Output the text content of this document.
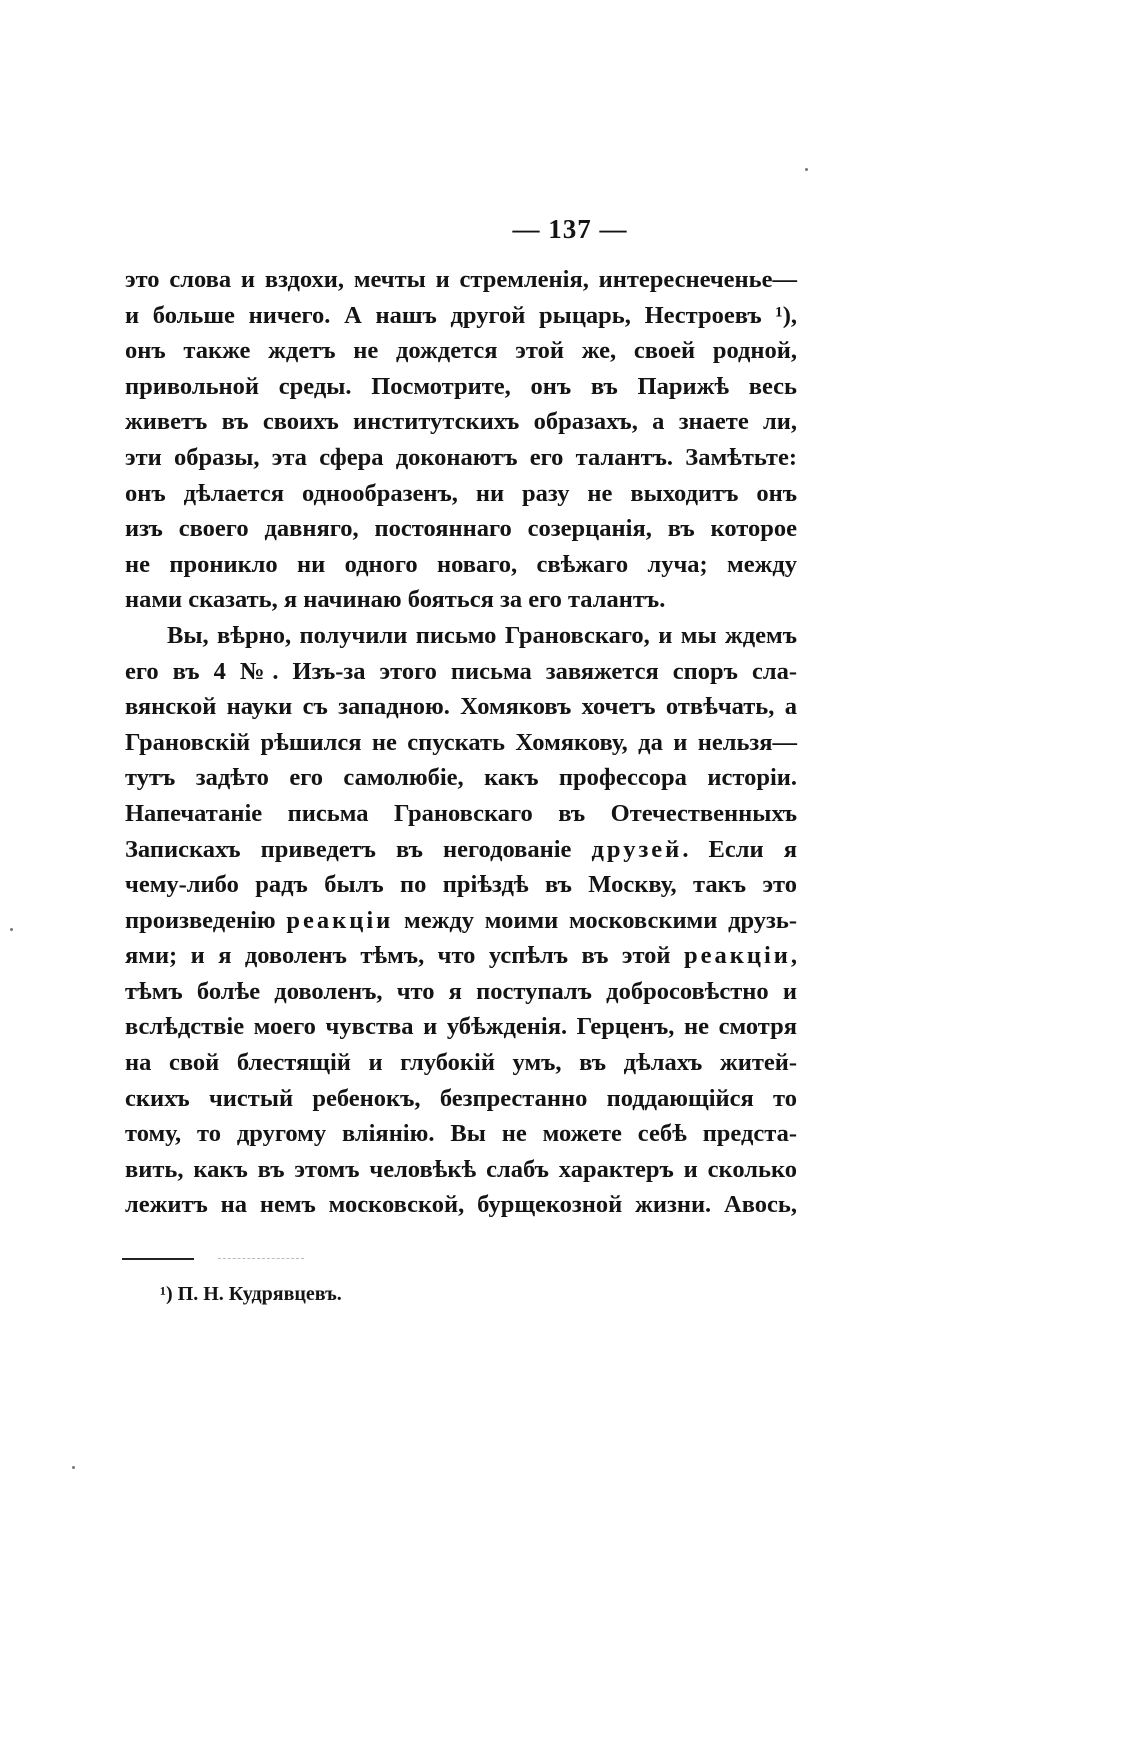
— 137 —
это слова и вздохи, мечты и стремленія, интереснеченье—
и больше ничего. А нашъ другой рыцарь, Нестроевъ ¹),
онъ также ждетъ не дождется этой же, своей родной,
привольной среды. Посмотрите, онъ въ Парижѣ весь
живетъ въ своихъ институтскихъ образахъ, а знаете ли,
эти образы, эта сфера доконаютъ его талантъ. Замѣтьте:
онъ дѣлается однообразенъ, ни разу не выходитъ онъ
изъ своего давняго, постояннаго созерцанія, въ которое
не проникло ни одного новаго, свѣжаго луча; между
нами сказать, я начинаю бояться за его талантъ.
Вы, вѣрно, получили письмо Грановскаго, и мы ждемъ
его въ 4 №. Изъ-за этого письма завяжется споръ сла-
вянской науки съ западною. Хомяковъ хочетъ отвѣчать, а
Грановскій рѣшился не спускать Хомякову, да и нельзя—
тутъ задѣто его самолюбіе, какъ профессора исторіи.
Напечатаніе письма Грановскаго въ Отечественныхъ
Запискахъ приведетъ въ негодованіе друзей. Если я
чему-либо радъ былъ по пріѣздѣ въ Москву, такъ это
произведенію реакціи между моими московскими друзь-
ями; и я доволенъ тѣмъ, что успѣлъ въ этой реакціи,
тѣмъ болѣе доволенъ, что я поступалъ добросовѣстно и
вслѣдствіе моего чувства и убѣжденія. Герценъ, не смотря
на свой блестящій и глубокій умъ, въ дѣлахъ житей-
скихъ чистый ребенокъ, безпрестанно поддающійся то
тому, то другому вліянію. Вы не можете себѣ предста-
вить, какъ въ этомъ человѣкѣ слабъ характеръ и сколько
лежитъ на немъ московской, бурщекозной жизни. Авось,
¹) П. Н. Кудрявцевъ.
